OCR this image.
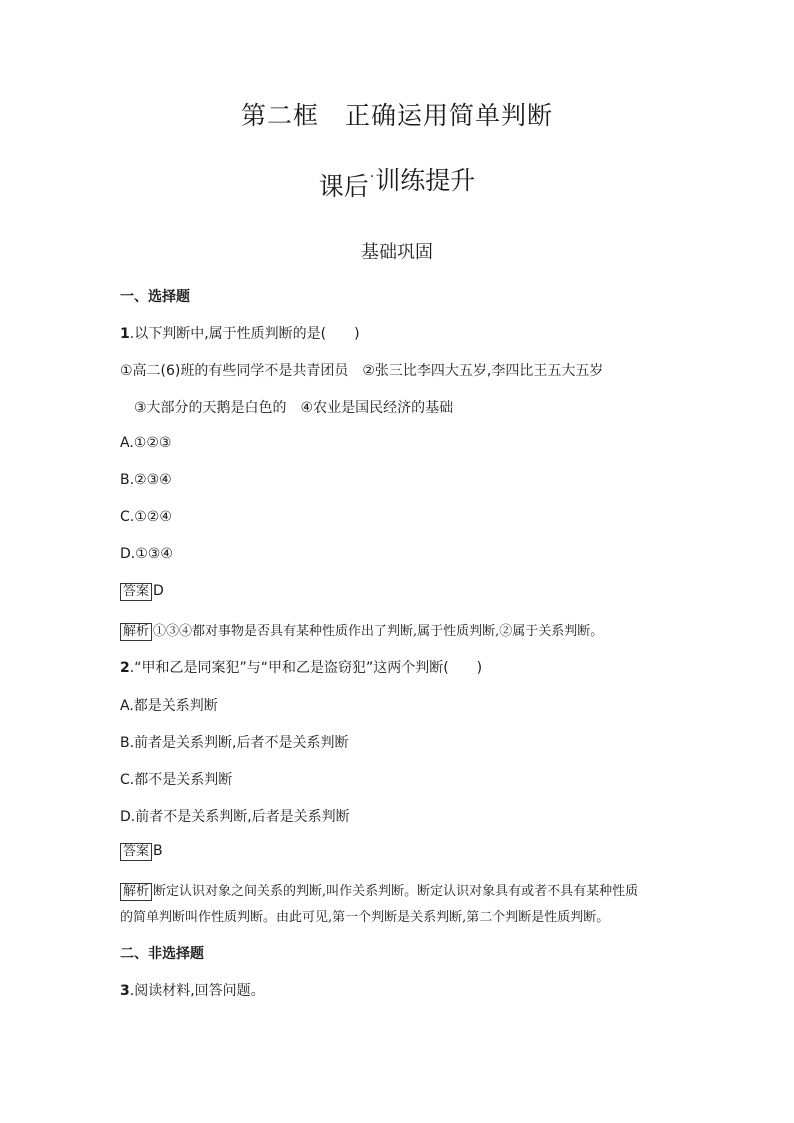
第二框　正确运用简单判断
课后·训练提升
基础巩固
一、选择题
1.以下判断中,属于性质判断的是(　　)
①高二(6)班的有些同学不是共青团员　②张三比李四大五岁,李四比王五大五岁
③大部分的天鹅是白色的　④农业是国民经济的基础
A.①②③
B.②③④
C.①②④
D.①③④
答案 D
解析 ①③④都对事物是否具有某种性质作出了判断,属于性质判断,②属于关系判断。
2.“甲和乙是同案犯”与“甲和乙是盗窃犯”这两个判断(　　)
A.都是关系判断
B.前者是关系判断,后者不是关系判断
C.都不是关系判断
D.前者不是关系判断,后者是关系判断
答案 B
解析 断定认识对象之间关系的判断,叫作关系判断。断定认识对象具有或者不具有某种性质
的简单判断叫作性质判断。由此可见,第一个判断是关系判断,第二个判断是性质判断。
二、非选择题
3.阅读材料,回答问题。
